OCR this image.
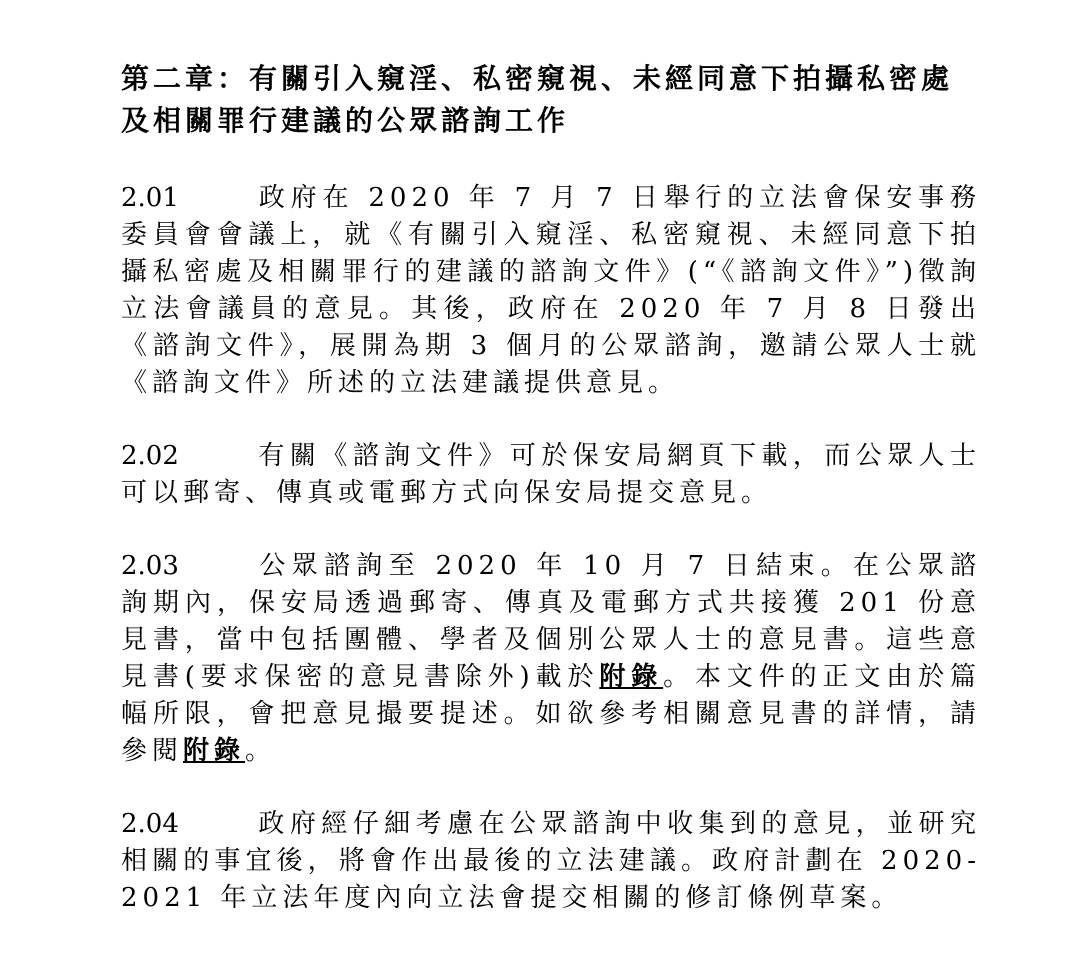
第二章：有關引入窺淫、私密窺視、未經同意下拍攝私密處
及相關罪行建議的公眾諮詢工作
2.01	政府在 2020 年 7 月 7 日舉行的立法會保安事務委員會會議上，就《有關引入窺淫、私密窺視、未經同意下拍攝私密處及相關罪行的建議的諮詢文件》(“《諮詢文件》”)徵詢立法會議員的意見。其後，政府在 2020 年 7 月 8 日發出《諮詢文件》，展開為期 3 個月的公眾諮詢，邀請公眾人士就《諮詢文件》所述的立法建議提供意見。
2.02	有關《諮詢文件》可於保安局網頁下載，而公眾人士可以郵寄、傳真或電郵方式向保安局提交意見。
2.03	公眾諮詢至 2020 年 10 月 7 日結束。在公眾諮詢期內，保安局透過郵寄、傳真及電郵方式共接獲 201 份意見書，當中包括團體、學者及個別公眾人士的意見書。這些意見書(要求保密的意見書除外)載於附錄。本文件的正文由於篇幅所限，會把意見撮要提述。如欲參考相關意見書的詳情，請參閱附錄。
2.04	政府經仔細考慮在公眾諮詢中收集到的意見，並研究相關的事宜後，將會作出最後的立法建議。政府計劃在 2020-2021 年立法年度內向立法會提交相關的修訂條例草案。
